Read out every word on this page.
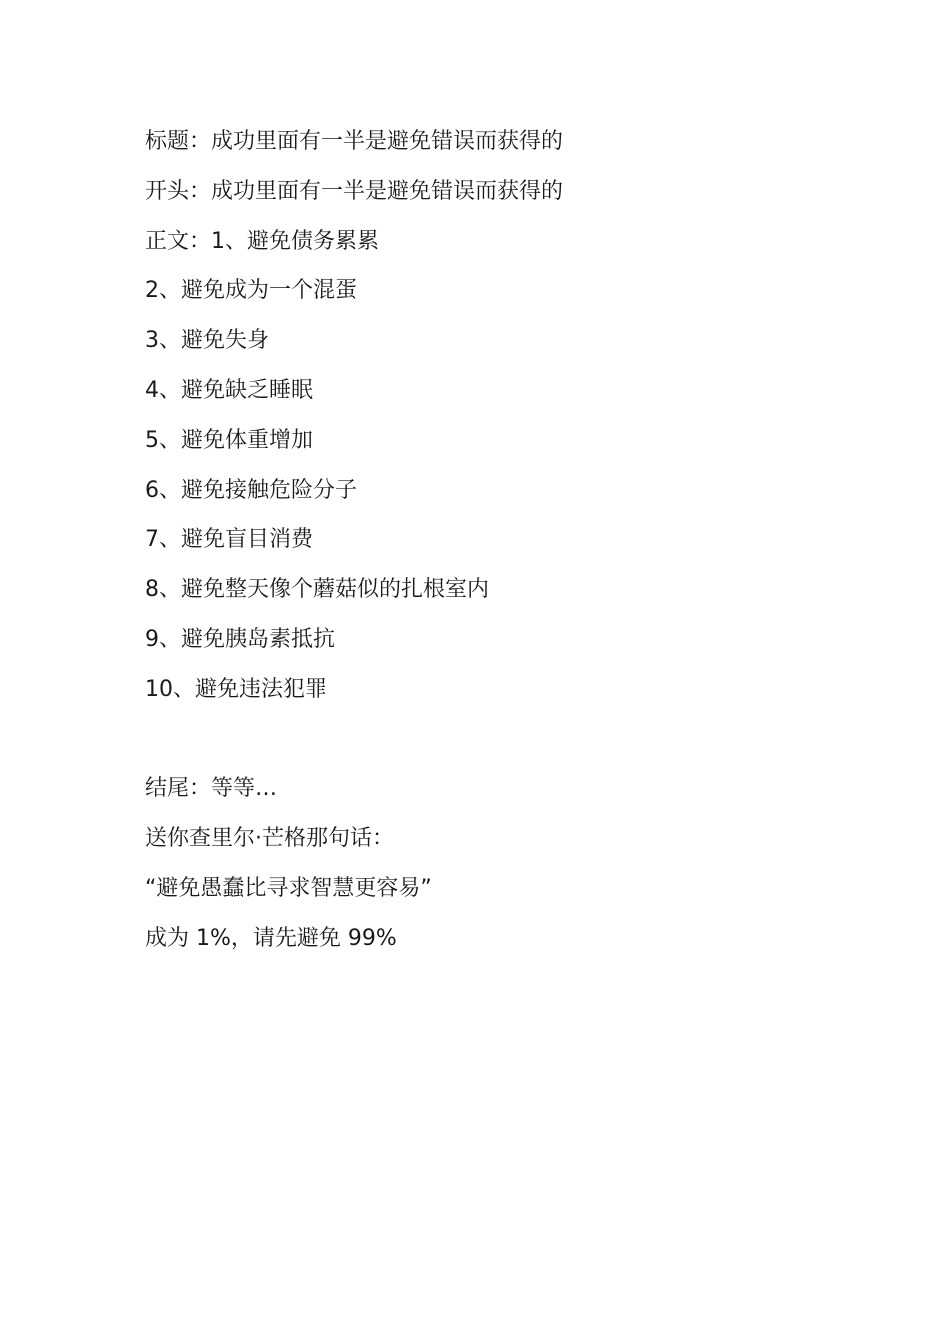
标题：成功里面有一半是避免错误而获得的

开头：成功里面有一半是避免错误而获得的

正文：1、避免债务累累

2、避免成为一个混蛋

3、避免失身

4、避免缺乏睡眠

5、避免体重增加

6、避免接触危险分子

7、避免盲目消费

8、避免整天像个蘑菇似的扎根室内

9、避免胰岛素抵抗

10、避免违法犯罪

结尾：等等…

送你查里尔·芒格那句话：

“避免愚蠢比寻求智慧更容易”

成为 1%，请先避免 99%
